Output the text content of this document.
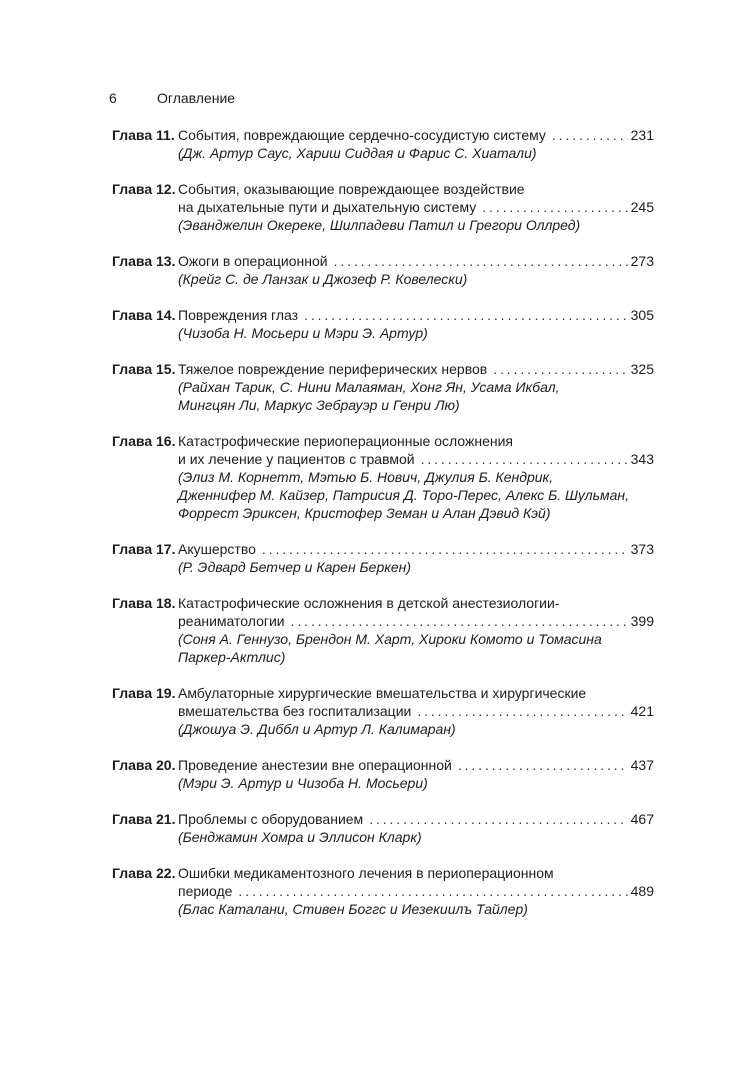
6	Оглавление
Глава 11. События, повреждающие сердечно-сосудистую систему . . .	231
(Дж. Артур Саус, Хариш Сиддая и Фарис С. Хиатали)
Глава 12. События, оказывающие повреждающее воздействие
на дыхательные пути и дыхательную систему . . .	245
(Эванджелин Окереке, Шилпадеви Патил и Грегори Оллред)
Глава 13. Ожоги в операционной . . .	273
(Крейг С. де Ланзак и Джозеф Р. Ковелески)
Глава 14. Повреждения глаз . . .	305
(Чизоба Н. Мосьери и Мэри Э. Артур)
Глава 15. Тяжелое повреждение периферических нервов . . .	325
(Райхан Тарик, С. Нини Малаяман, Хонг Ян, Усама Икбал,
Мингцян Ли, Маркус Зебрауэр и Генри Лю)
Глава 16. Катастрофические периоперационные осложнения
и их лечение у пациентов с травмой . . .	343
(Элиз М. Корнетт, Мэтью Б. Нович, Джулия Б. Кендрик,
Дженнифер М. Кайзер, Патрисия Д. Торо-Перес, Алекс Б. Шульман,
Форрест Эриксен, Кристофер Земан и Алан Дэвид Кэй)
Глава 17. Акушерство . . .	373
(Р. Эдвард Бетчер и Карен Беркен)
Глава 18. Катастрофические осложнения в детской анестезиологии-
реаниматологии . . .	399
(Соня А. Геннузо, Брендон М. Харт, Хироки Комото и Томасина
Паркер-Актлис)
Глава 19. Амбулаторные хирургические вмешательства и хирургические
вмешательства без госпитализации . . .	421
(Джошуа Э. Диббл и Артур Л. Калимаран)
Глава 20. Проведение анестезии вне операционной . . .	437
(Мэри Э. Артур и Чизоба Н. Мосьери)
Глава 21. Проблемы с оборудованием . . .	467
(Бенджамин Хомра и Эллисон Кларк)
Глава 22. Ошибки медикаментозного лечения в периоперационном
периоде . . .	489
(Блас Каталани, Стивен Боггс и Иезекиилъ Тайлер)
